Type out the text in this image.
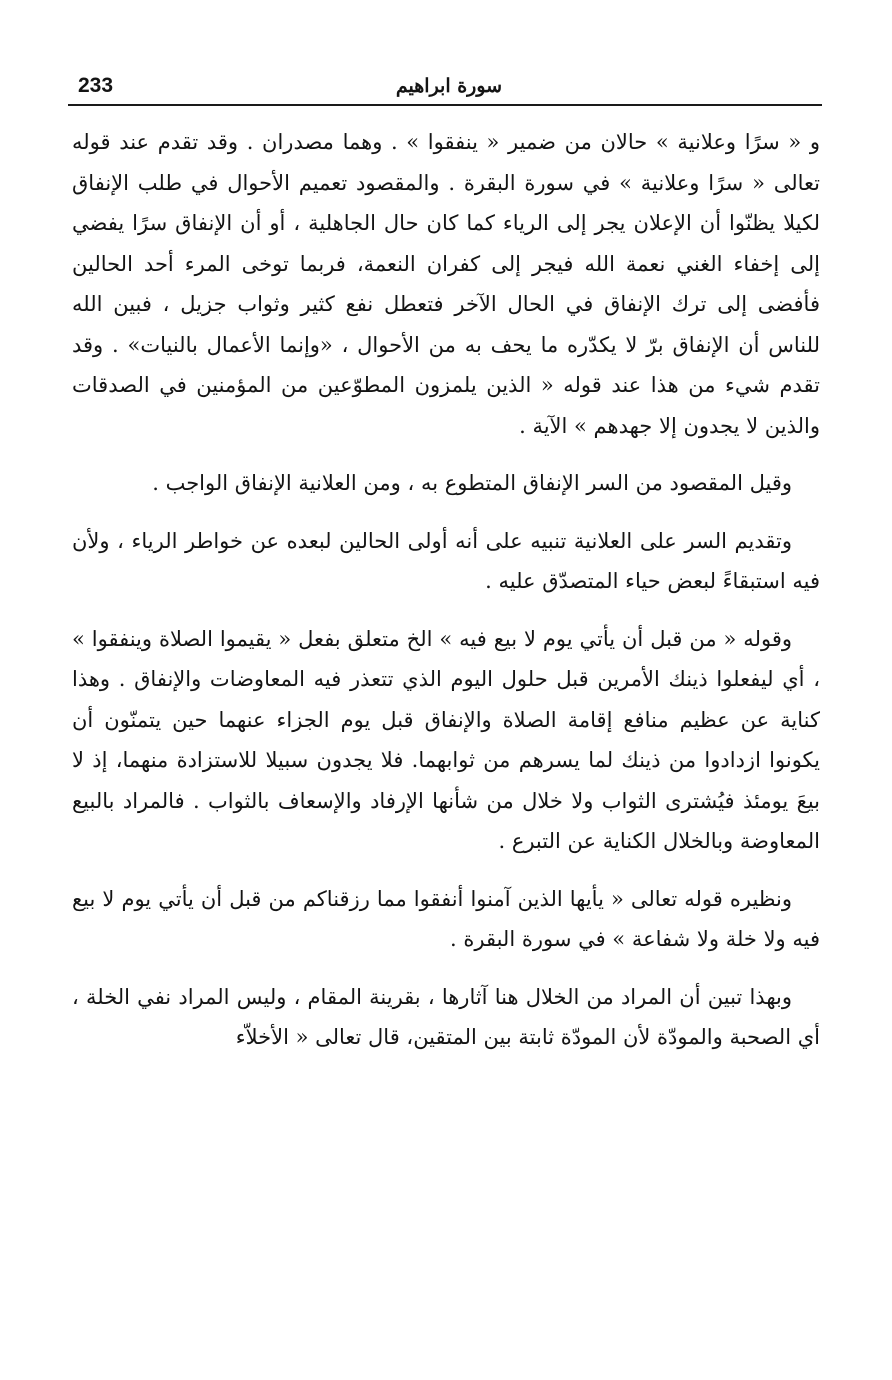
233	سورة ابراهيم

و « سرًا وعلانية » حالان من ضمير « ينفقوا » . وهما مصدران . وقد تقدم عند قوله تعالى « سرًا وعلانية » في سورة البقرة . والمقصود تعميم الأحوال في طلب الإنفاق لكيلا يظنّوا أن الإعلان يجر إلى الرياء كما كان حال الجاهلية ، أو أن الإنفاق سرًا يفضي إلى إخفاء الغني نعمة الله فيجر إلى كفران النعمة، فربما توخى المرء أحد الحالين فأفضى إلى ترك الإنفاق في الحال الآخر فتعطل نفع كثير وثواب جزيل ، فبين الله للناس أن الإنفاق برّ لا يكدّره ما يحف به من الأحوال ، «وإنما الأعمال بالنيات» . وقد تقدم شيء من هذا عند قوله « الذين يلمزون المطوّعين من المؤمنين في الصدقات والذين لا يجدون إلا جهدهم » الآية .

وقيل المقصود من السر الإنفاق المتطوع به ، ومن العلانية الإنفاق الواجب .

وتقديم السر على العلانية تنبيه على أنه أولى الحالين لبعده عن خواطر الرياء ، ولأن فيه استبقاءً لبعض حياء المتصدّق عليه .

وقوله « من قبل أن يأتي يوم لا بيع فيه » الخ متعلق بفعل « يقيموا الصلاة وينفقوا » ، أي ليفعلوا ذينك الأمرين قبل حلول اليوم الذي تتعذر فيه المعاوضات والإنفاق . وهذا كناية عن عظيم منافع إقامة الصلاة والإنفاق قبل يوم الجزاء عنهما حين يتمنّون أن يكونوا ازدادوا من ذينك لما يسرهم من ثوابهما. فلا يجدون سبيلا للاستزادة منهما، إذ لا بيعَ يومئذ فيُشترى الثواب ولا خلال من شأنها الإرفاد والإسعاف بالثواب . فالمراد بالبيع المعاوضة وبالخلال الكناية عن التبرع .

ونظيره قوله تعالى « يأيها الذين آمنوا أنفقوا مما رزقناكم من قبل أن يأتي يوم لا بيع فيه ولا خلة ولا شفاعة » في سورة البقرة .

وبهذا تبين أن المراد من الخلال هنا آثارها ، بقرينة المقام ، وليس المراد نفي الخلة ، أي الصحبة والمودّة لأن المودّة ثابتة بين المتقين، قال تعالى « الأخلاّء
